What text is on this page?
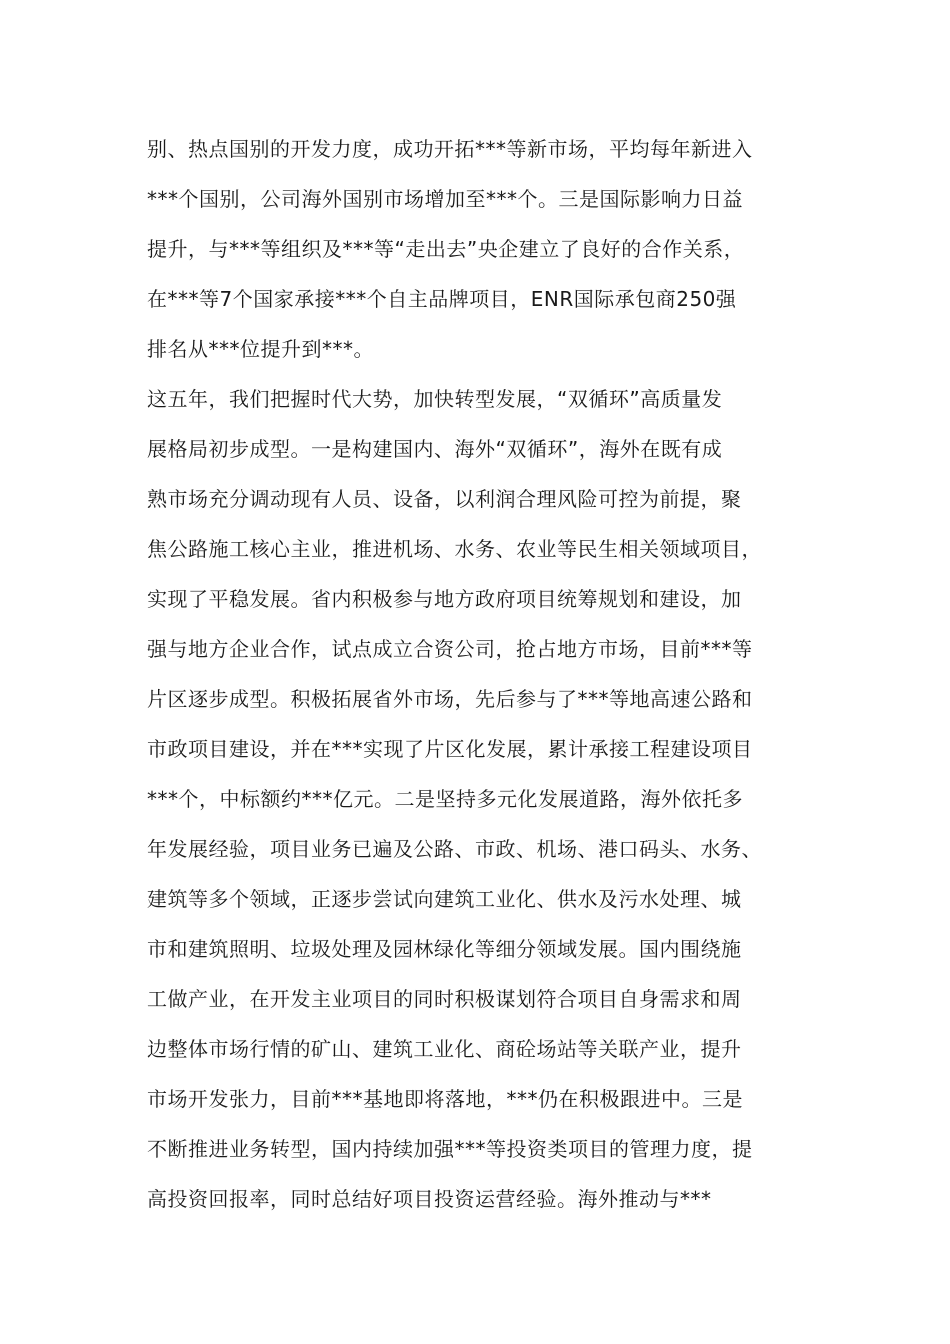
别、热点国别的开发力度，成功开拓***等新市场，平均每年新进入
***个国别，公司海外国别市场增加至***个。三是国际影响力日益
提升，与***等组织及***等“走出去”央企建立了良好的合作关系，
在***等7个国家承接***个自主品牌项目，ENR国际承包商250强
排名从***位提升到***。
这五年，我们把握时代大势，加快转型发展，“双循环”高质量发
展格局初步成型。一是构建国内、海外“双循环”，海外在既有成
熟市场充分调动现有人员、设备，以利润合理风险可控为前提，聚
焦公路施工核心主业，推进机场、水务、农业等民生相关领域项目，
实现了平稳发展。省内积极参与地方政府项目统筹规划和建设，加
强与地方企业合作，试点成立合资公司，抢占地方市场，目前***等
片区逐步成型。积极拓展省外市场，先后参与了***等地高速公路和
市政项目建设，并在***实现了片区化发展，累计承接工程建设项目
***个，中标额约***亿元。二是坚持多元化发展道路，海外依托多
年发展经验，项目业务已遍及公路、市政、机场、港口码头、水务、
建筑等多个领域，正逐步尝试向建筑工业化、供水及污水处理、城
市和建筑照明、垃圾处理及园林绿化等细分领域发展。国内围绕施
工做产业，在开发主业项目的同时积极谋划符合项目自身需求和周
边整体市场行情的矿山、建筑工业化、商砼场站等关联产业，提升
市场开发张力，目前***基地即将落地，***仍在积极跟进中。三是
不断推进业务转型，国内持续加强***等投资类项目的管理力度，提
高投资回报率，同时总结好项目投资运营经验。海外推动与***
